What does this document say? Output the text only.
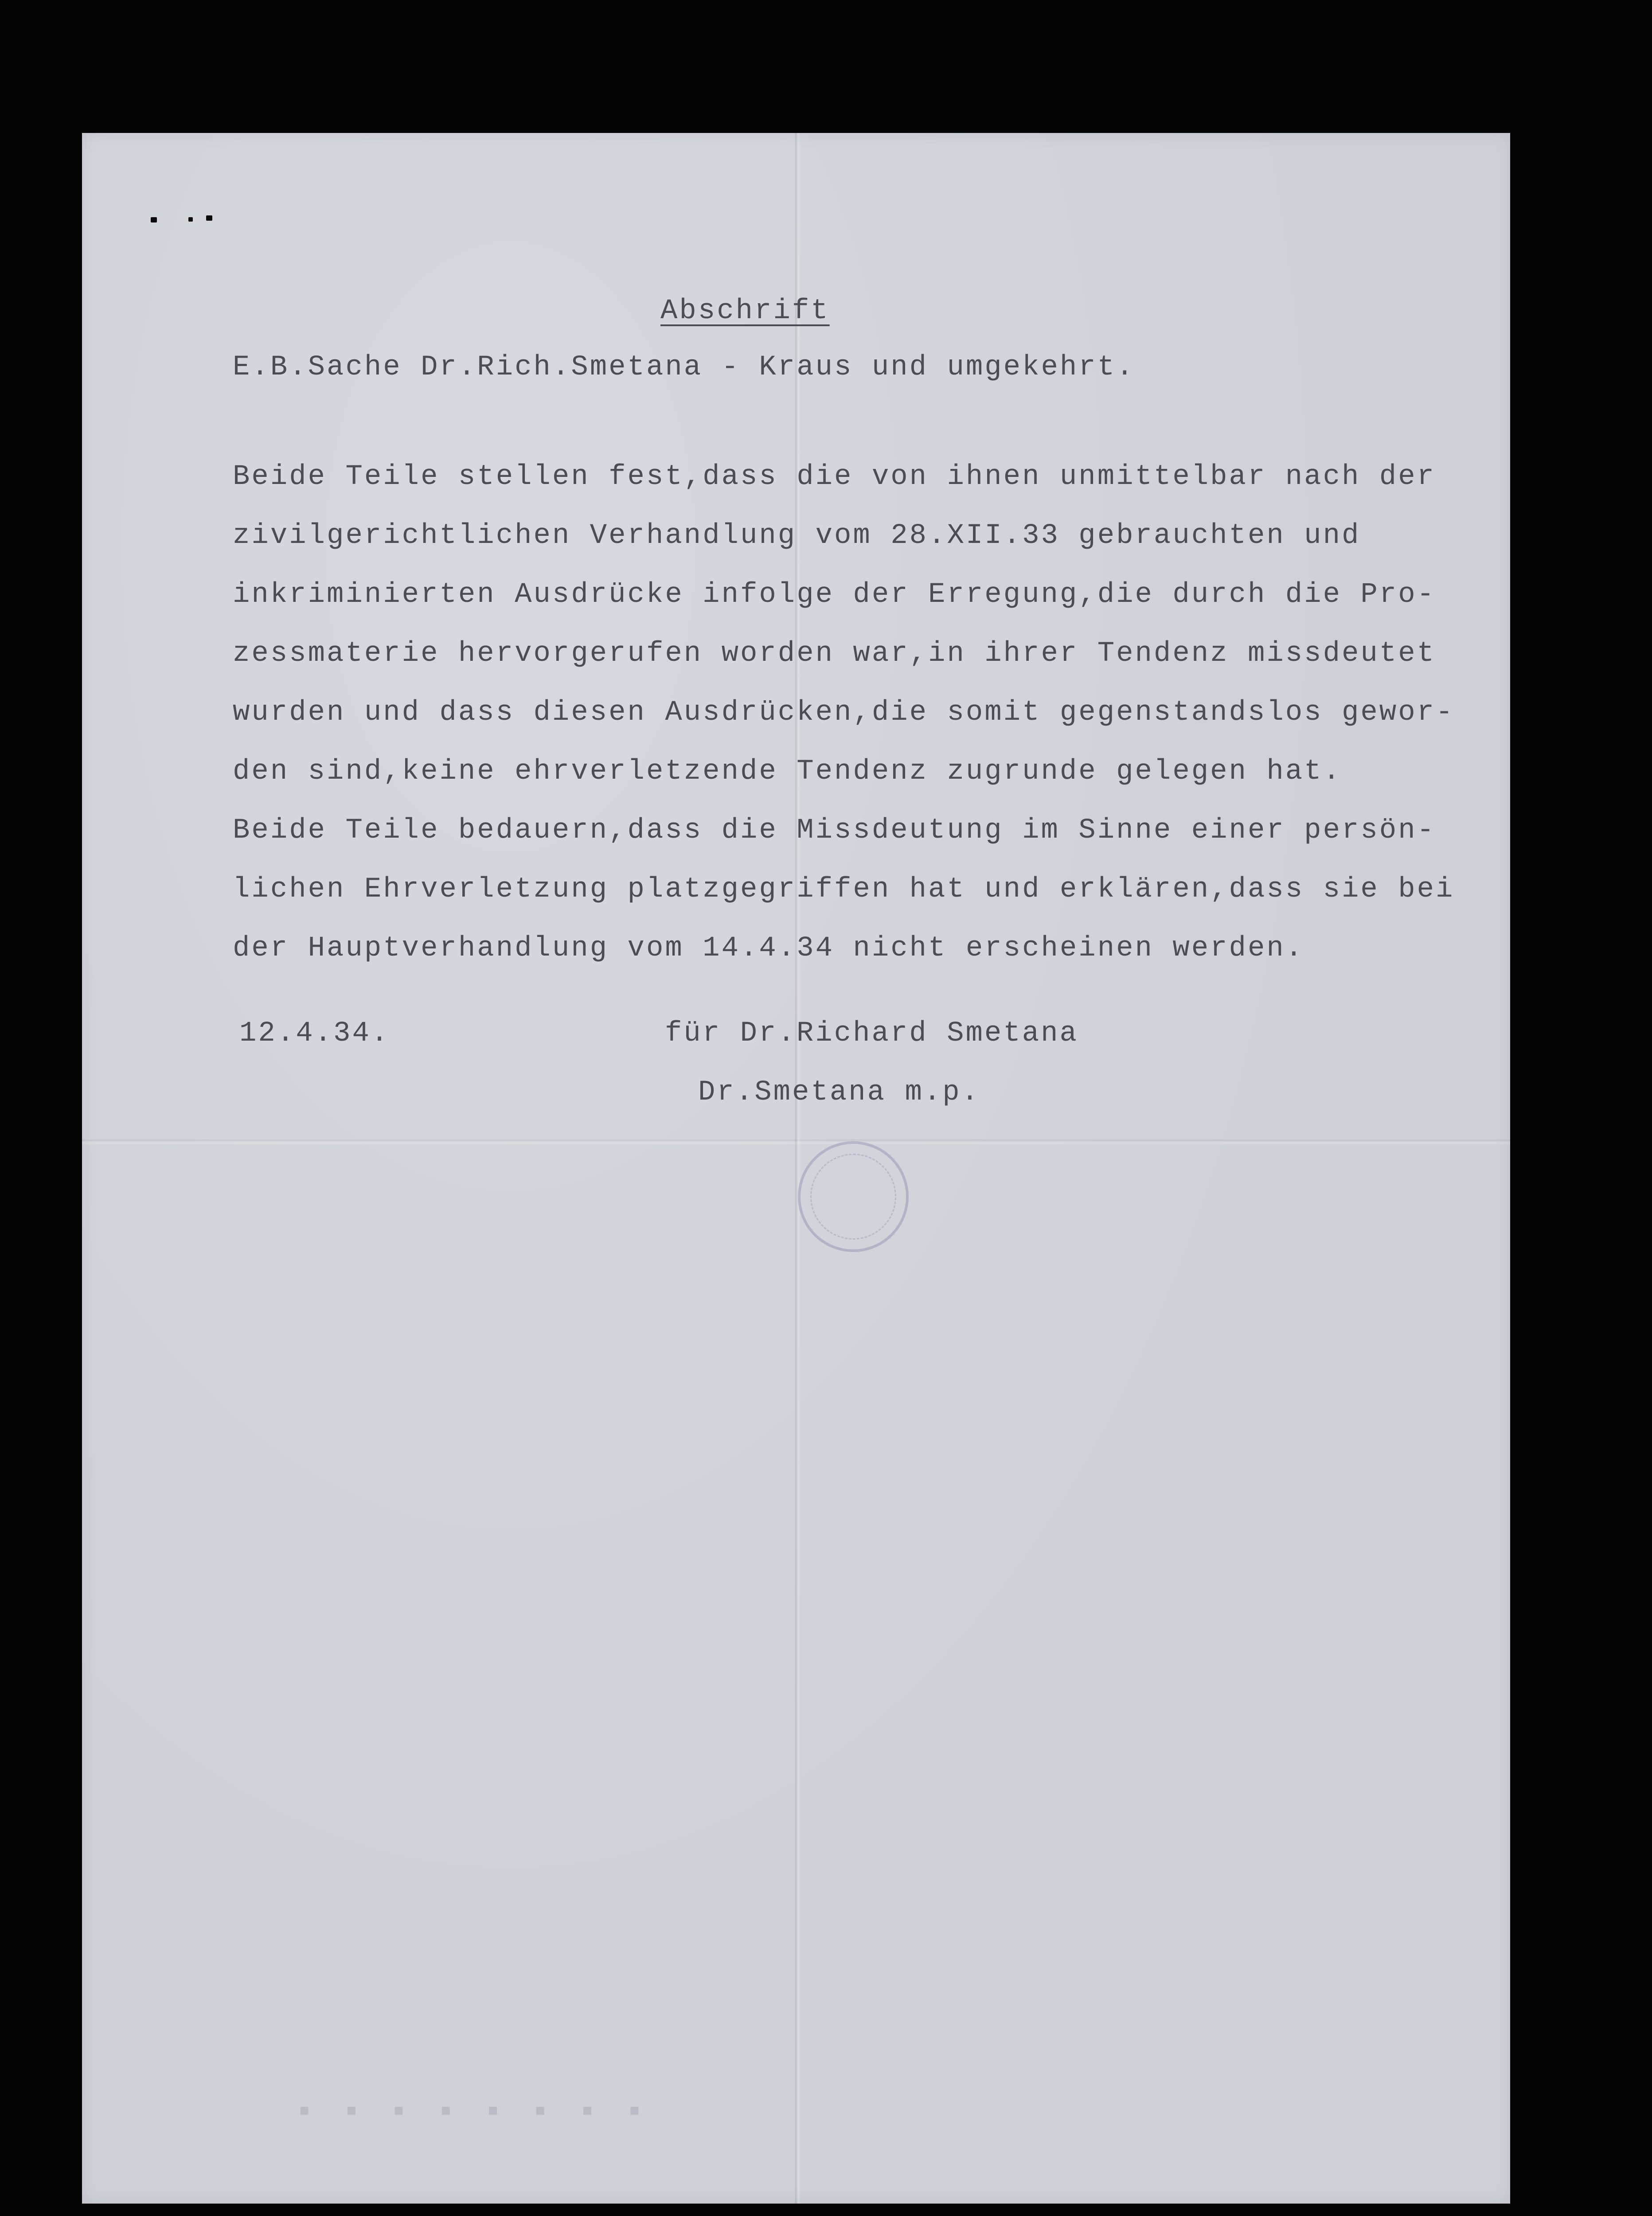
Abschrift
E.B.Sache Dr.Rich.Smetana - Kraus und umgekehrt.
Beide Teile stellen fest,dass die von ihnen unmittelbar nach der
zivilgerichtlichen Verhandlung vom 28.XII.33 gebrauchten und
inkriminierten Ausdrücke infolge der Erregung,die durch die Pro-
zessmaterie hervorgerufen worden war,in ihrer Tendenz missdeutet
wurden und dass diesen Ausdrücken,die somit gegenstandslos gewor-
den sind,keine ehrverletzende Tendenz zugrunde gelegen hat.
Beide Teile bedauern,dass die Missdeutung im Sinne einer persön-
lichen Ehrverletzung platzgegriffen hat und erklären,dass sie bei
der Hauptverhandlung vom 14.4.34 nicht erscheinen werden.
12.4.34.	für Dr.Richard Smetana
Dr.Smetana m.p.
▪ ▪ ▪ ▪ ▪ ▪ ▪ ▪
